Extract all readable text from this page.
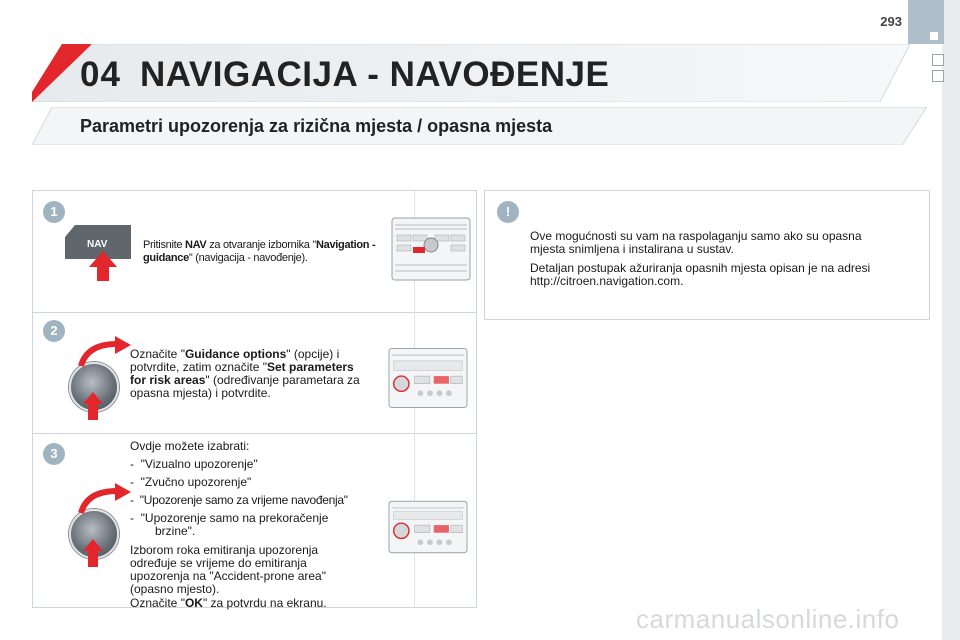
293
04 NAVIGACIJA - NAVOĐENJE
Parametri upozorenja za rizična mjesta / opasna mjesta
1
NAV	Pritisnite NAV za otvaranje izbornika "Navigation -
guidance" (navigacija - navođenje).
2
Označite "Guidance options" (opcije) i
potvrdite, zatim označite "Set parameters
for risk areas" (određivanje parametara za
opasna mjesta) i potvrdite.
3	Ovdje možete izabrati:
-  "Vizualno upozorenje"
-  "Zvučno upozorenje"
-  "Upozorenje samo za vrijeme navođenja"
-  "Upozorenje samo na prekoračenje
brzine".
Izborom roka emitiranja upozorenja
određuje se vrijeme do emitiranja
upozorenja na "Accident-prone area"
(opasno mjesto).
Označite "OK" za potvrdu na ekranu.
!
Ove mogućnosti su vam na raspolaganju samo ako su opasna
mjesta snimljena i instalirana u sustav.
Detaljan postupak ažuriranja opasnih mjesta opisan je na adresi
http://citroen.navigation.com.
carmanualsonline.info
